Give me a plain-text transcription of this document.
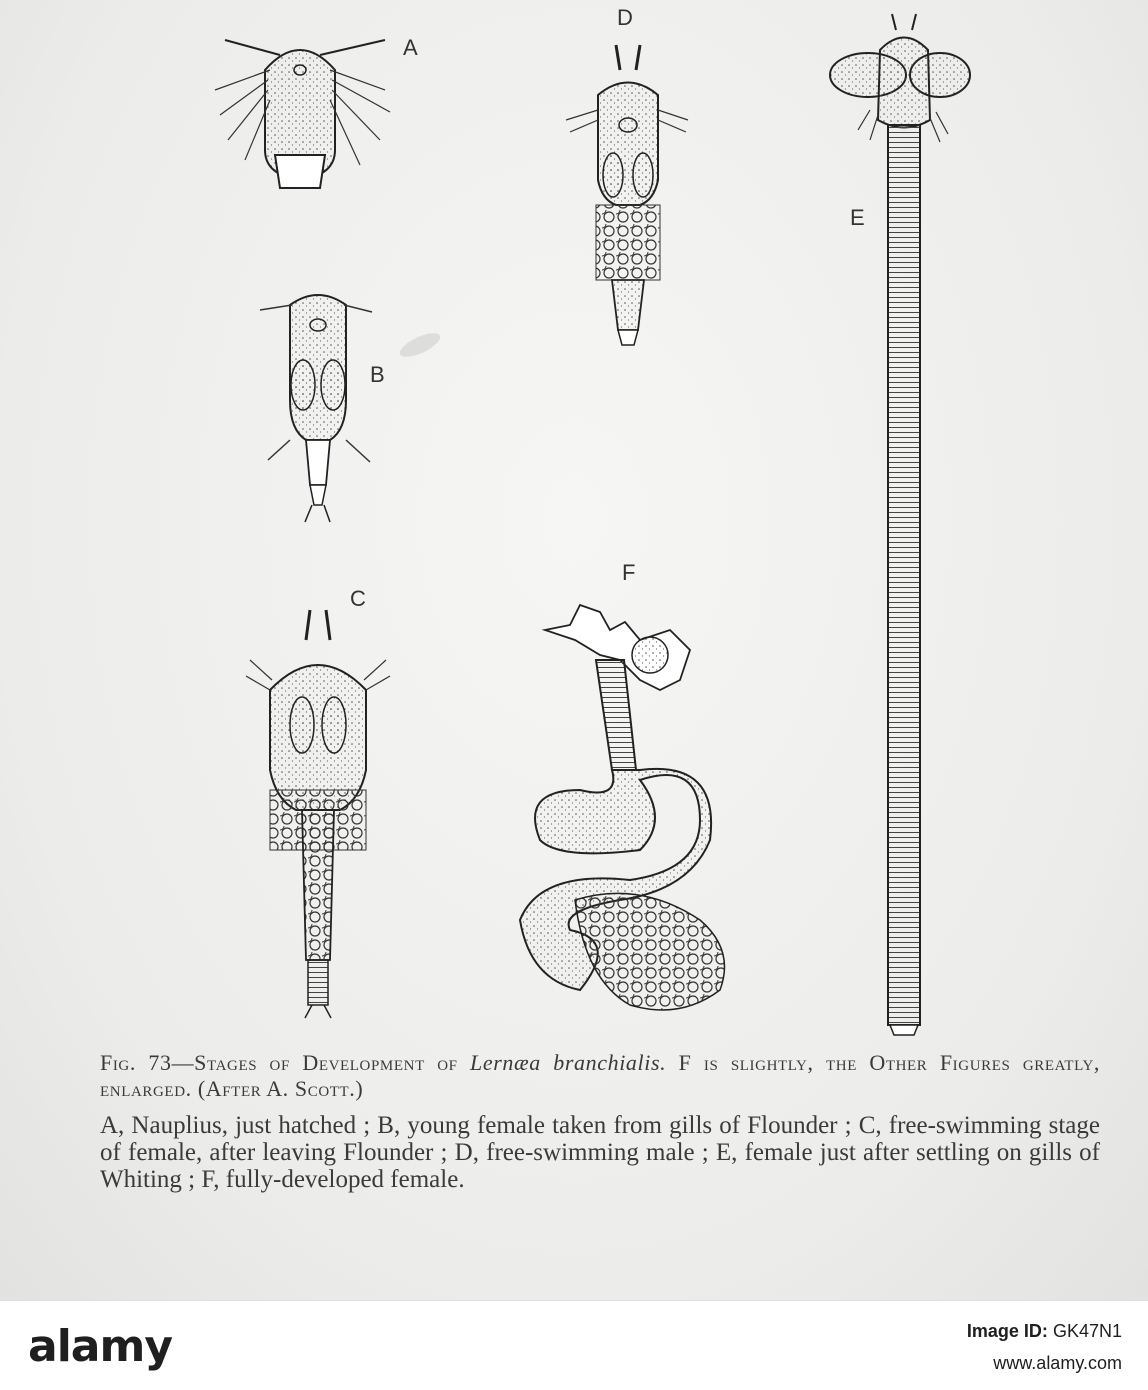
A
B
C
D
E
F

Fig. 73—Stages of Development of Lernæa branchialis. F is slightly, the Other Figures greatly, enlarged. (After A. Scott.)

A, Nauplius, just hatched ; B, young female taken from gills of Flounder ; C, free-swimming stage of female, after leaving Flounder ; D, free-swimming male ; E, female just after settling on gills of Whiting ; F, fully-developed female.

alamy	Image ID: GK47N1
www.alamy.com
